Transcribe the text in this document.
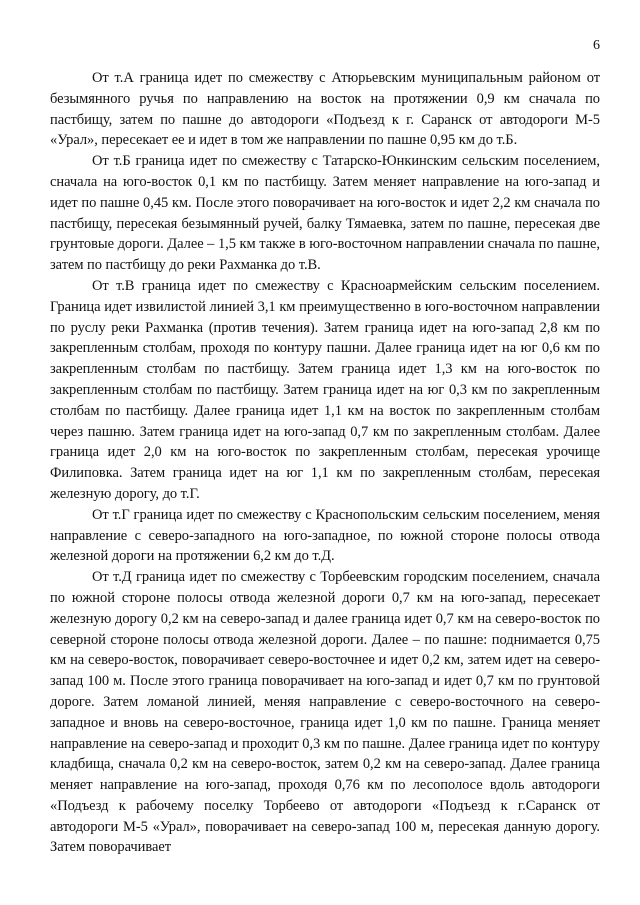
6

От т.А граница идет по смежеству с Атюрьевским муниципальным районом от безымянного ручья по направлению на восток на протяжении 0,9 км сначала по пастбищу, затем по пашне до автодороги «Подъезд к г. Саранск от автодороги М-5 «Урал», пересекает ее и идет в том же направлении по пашне 0,95 км до т.Б.

От т.Б граница идет по смежеству с Татарско-Юнкинским сельским поселением, сначала на юго-восток 0,1 км по пастбищу. Затем меняет направление на юго-запад и идет по пашне 0,45 км. После этого поворачивает на юго-восток и идет 2,2 км сначала по пастбищу, пересекая безымянный ручей, балку Тямаевка, затем по пашне, пересекая две грунтовые дороги. Далее – 1,5 км также в юго-восточном направлении сначала по пашне, затем по пастбищу до реки Рахманка до т.В.

От т.В граница идет по смежеству с Красноармейским сельским поселением. Граница идет извилистой линией 3,1 км преимущественно в юго-восточном направлении по руслу реки Рахманка (против течения). Затем граница идет на юго-запад 2,8 км по закрепленным столбам, проходя по контуру пашни. Далее граница идет на юг 0,6 км по закрепленным столбам по пастбищу. Затем граница идет 1,3 км на юго-восток по закрепленным столбам по пастбищу. Затем граница идет на юг 0,3 км по закрепленным столбам по пастбищу. Далее граница идет 1,1 км на восток по закрепленным столбам через пашню. Затем граница идет на юго-запад 0,7 км по закрепленным столбам. Далее граница идет 2,0 км на юго-восток по закрепленным столбам, пересекая урочище Филиповка. Затем граница идет на юг 1,1 км по закрепленным столбам, пересекая железную дорогу, до т.Г.

От т.Г граница идет по смежеству с Краснопольским сельским поселением, меняя направление с северо-западного на юго-западное, по южной стороне полосы отвода железной дороги на протяжении 6,2 км до т.Д.

От т.Д граница идет по смежеству с Торбеевским городским поселением, сначала по южной стороне полосы отвода железной дороги 0,7 км на юго-запад, пересекает железную дорогу 0,2 км на северо-запад и далее граница идет 0,7 км на северо-восток по северной стороне полосы отвода железной дороги. Далее – по пашне: поднимается 0,75 км на северо-восток, поворачивает северо-восточнее и идет 0,2 км, затем идет на северо-запад 100 м. После этого граница поворачивает на юго-запад и идет 0,7 км по грунтовой дороге. Затем ломаной линией, меняя направление с северо-восточного на северо-западное и вновь на северо-восточное, граница идет 1,0 км по пашне. Граница меняет направление на северо-запад и проходит 0,3 км по пашне. Далее граница идет по контуру кладбища, сначала 0,2 км на северо-восток, затем 0,2 км на северо-запад. Далее граница меняет направление на юго-запад, проходя 0,76 км по лесополосе вдоль автодороги «Подъезд к рабочему поселку Торбеево от автодороги «Подъезд к г.Саранск от автодороги М-5 «Урал», поворачивает на северо-запад 100 м, пересекая данную дорогу. Затем поворачивает
